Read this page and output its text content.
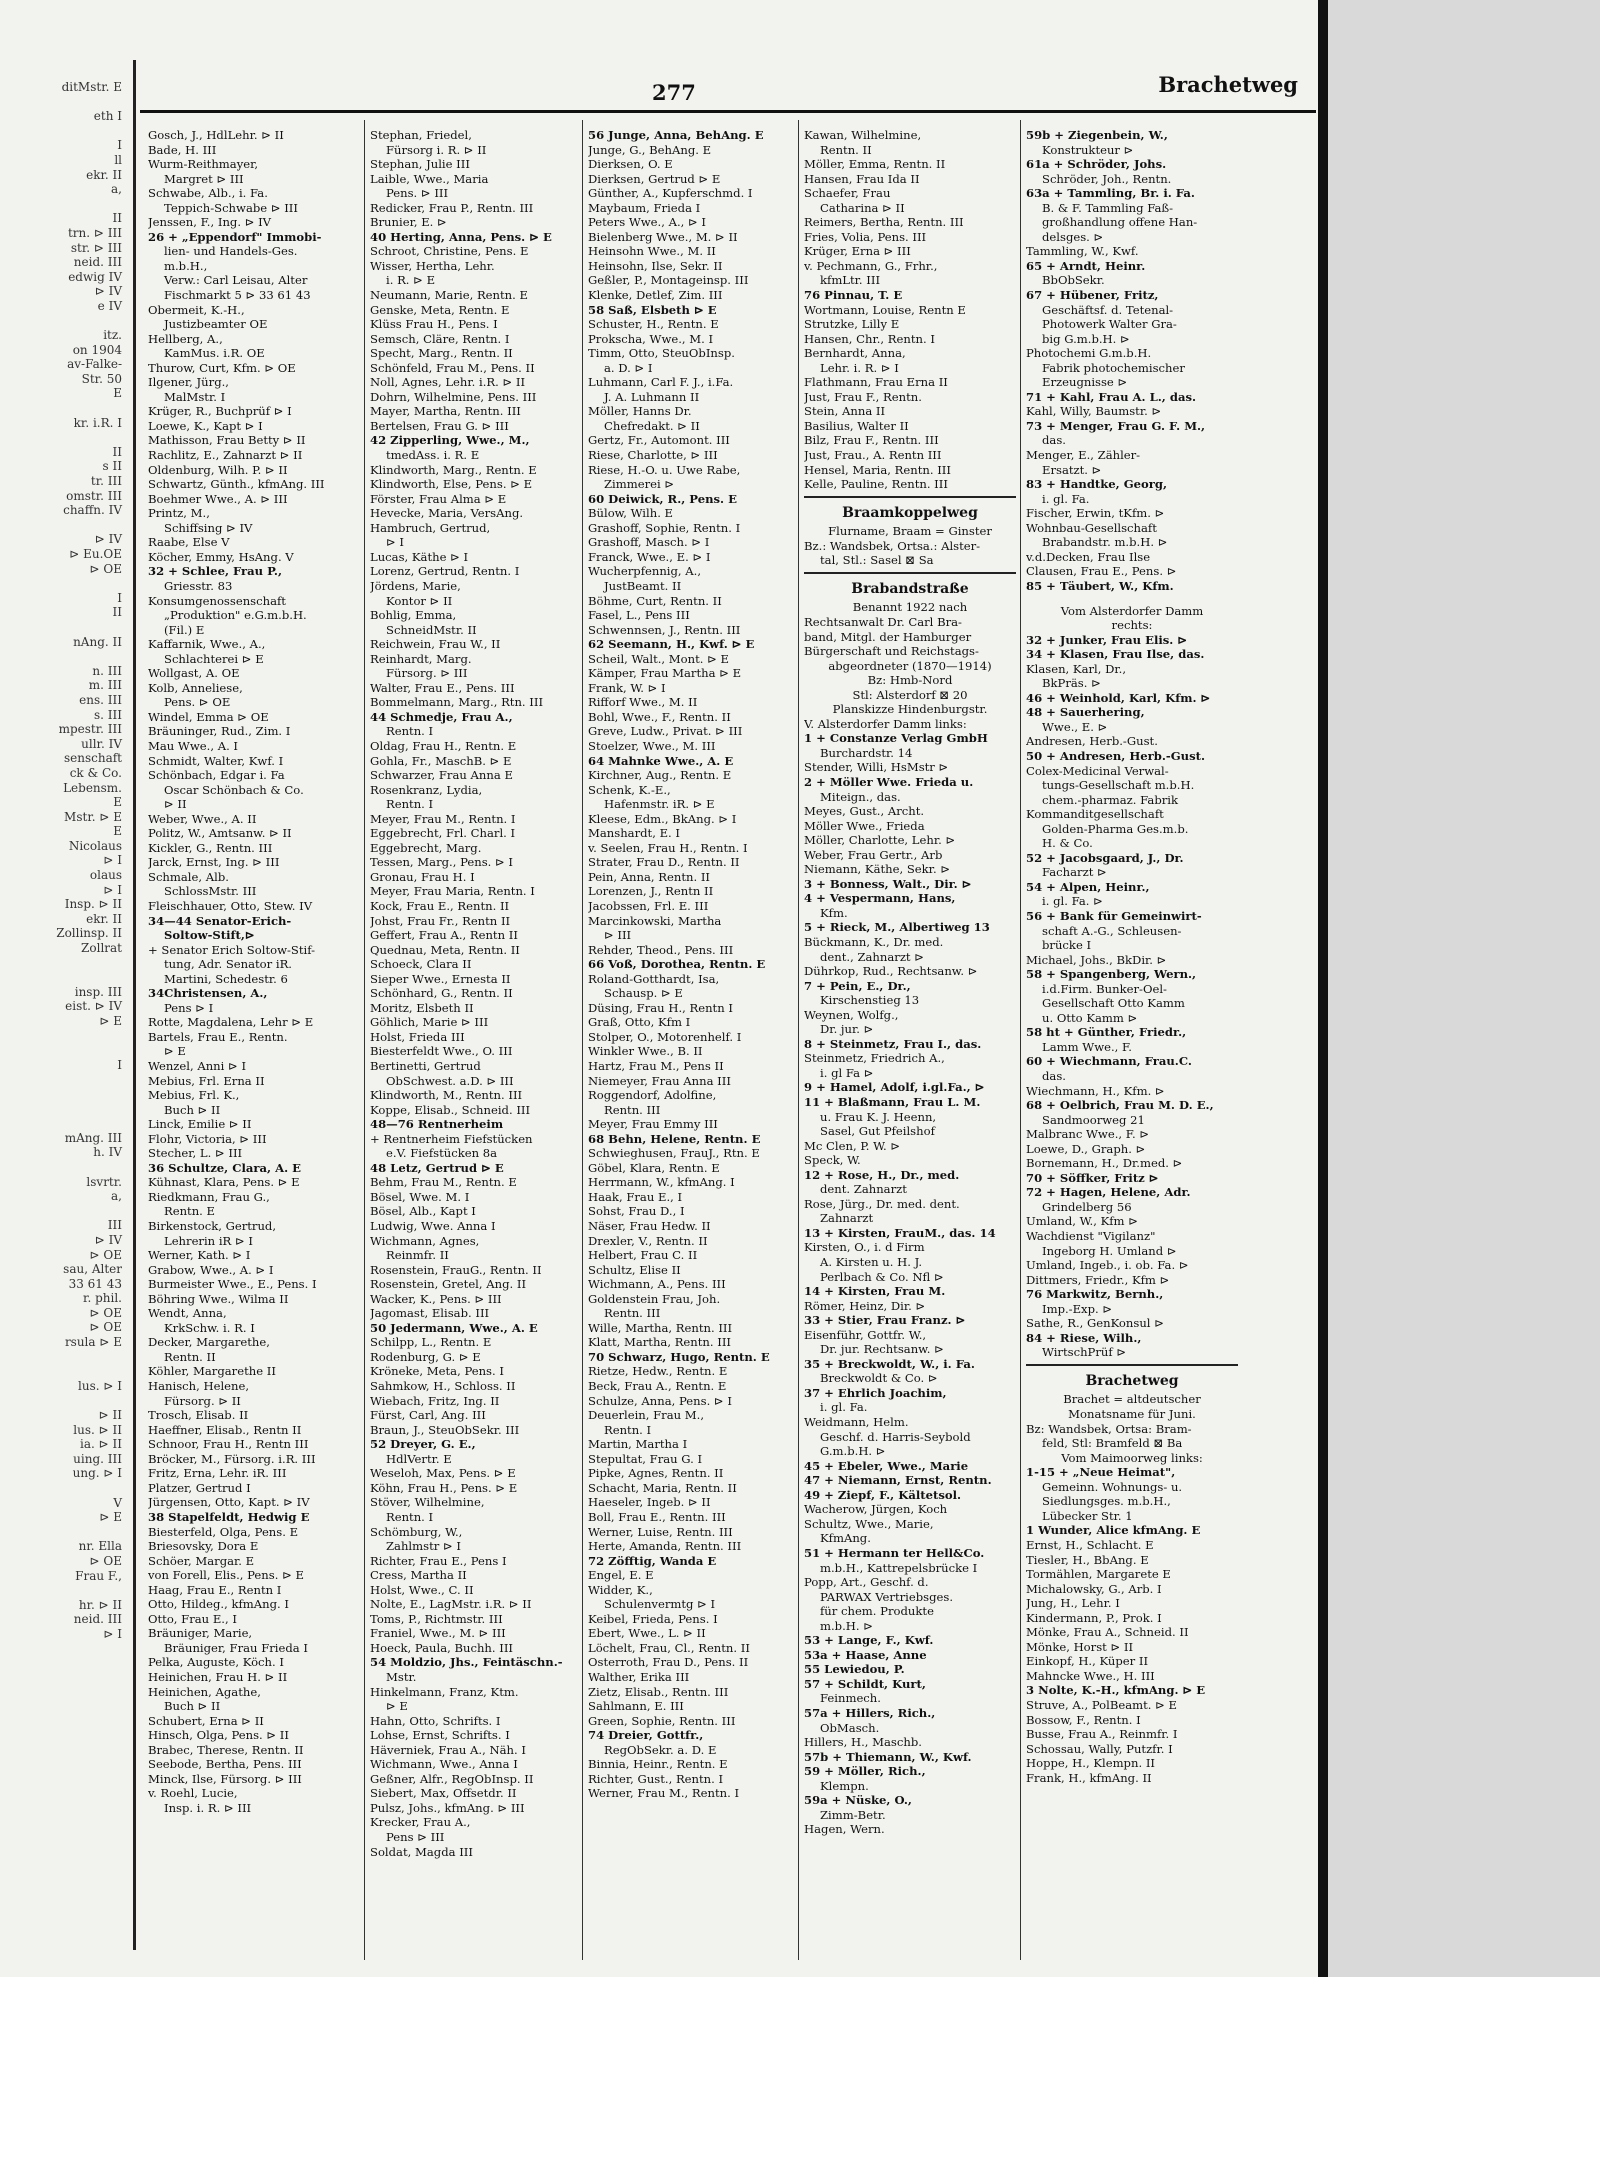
ditMstr. E

eth I

I
ll
ekr. II
a,

II
trn. ⊳ III
str. ⊳ III
neid. III
edwig IV
⊳ IV
e IV

itz.
on 1904
av-Falke-
Str. 50
E

kr. i.R. I

II
s II
tr. III
omstr. III
chaffn. IV

⊳ IV
⊳ Eu.OE
⊳ OE

I
II

nAng. II

n. III
m. III
ens. III
s. III
mpestr. III
ullr. IV
senschaft
ck & Co.
Lebensm.
E
Mstr. ⊳ E
E
Nicolaus
⊳ I
olaus
⊳ I
Insp. ⊳ II
ekr. II
Zollinsp. II
Zollrat

insp. III
eist. ⊳ IV
⊳ E

I

mAng. III
h. IV

lsvrtr.
a,

III
⊳ IV
⊳ OE
sau, Alter
33 61 43
r. phil.
⊳ OE
⊳ OE
rsula ⊳ E

lus. ⊳ I

⊳ II
lus. ⊳ II
ia. ⊳ II
uing. III
ung. ⊳ I

V
⊳ E

nr. Ella
⊳ OE
Frau F.,

hr. ⊳ II
neid. III
⊳ I
277	Brachetweg
Gosch, J., HdlLehr. ⊳ II
Bade, H. III
Wurm-Reithmayer,
Margret ⊳ III
Schwabe, Alb., i. Fa.
Teppich-Schwabe ⊳ III
Jenssen, F., Ing. ⊳ IV
26 + „Eppendorf" Immobi-
lien- und Handels-Ges.
m.b.H.,
Verw.: Carl Leisau, Alter
Fischmarkt 5 ⊳ 33 61 43
Obermeit, K.-H.,
Justizbeamter OE
Hellberg, A.,
KamMus. i.R. OE
Thurow, Curt, Kfm. ⊳ OE
Ilgener, Jürg.,
MalMstr. I
Krüger, R., Buchprüf ⊳ I
Loewe, K., Kapt ⊳ I
Mathisson, Frau Betty ⊳ II
Rachlitz, E., Zahnarzt ⊳ II
Oldenburg, Wilh. P. ⊳ II
Schwartz, Günth., kfmAng. III
Boehmer Wwe., A. ⊳ III
Printz, M.,
Schiffsing ⊳ IV
Raabe, Else V
Köcher, Emmy, HsAng. V
32 + Schlee, Frau P.,
Griesstr. 83
Konsumgenossenschaft
„Produktion" e.G.m.b.H.
(Fil.) E
Kaffarnik, Wwe., A.,
Schlachterei ⊳ E
Wollgast, A. OE
Kolb, Anneliese,
Pens. ⊳ OE
Windel, Emma ⊳ OE
Bräuninger, Rud., Zim. I
Mau Wwe., A. I
Schmidt, Walter, Kwf. I
Schönbach, Edgar i. Fa
Oscar Schönbach & Co.
⊳ II
Weber, Wwe., A. II
Politz, W., Amtsanw. ⊳ II
Kickler, G., Rentn. III
Jarck, Ernst, Ing. ⊳ III
Schmale, Alb.
SchlossMstr. III
Fleischhauer, Otto, Stew. IV
34—44 Senator-Erich-
Soltow-Stift,⊳
+ Senator Erich Soltow-Stif-
tung, Adr. Senator iR.
Martini, Schedestr. 6
34Christensen, A.,
Pens ⊳ I
Rotte, Magdalena, Lehr ⊳ E
Bartels, Frau E., Rentn.
⊳ E
Wenzel, Anni ⊳ I
Mebius, Frl. Erna II
Mebius, Frl. K.,
Buch ⊳ II
Linck, Emilie ⊳ II
Flohr, Victoria, ⊳ III
Stecher, L. ⊳ III
36 Schultze, Clara, A. E
Kühnast, Klara, Pens. ⊳ E
Riedkmann, Frau G.,
Rentn. E
Birkenstock, Gertrud,
Lehrerin iR ⊳ I
Werner, Kath. ⊳ I
Grabow, Wwe., A. ⊳ I
Burmeister Wwe., E., Pens. I
Böhring Wwe., Wilma II
Wendt, Anna,
KrkSchw. i. R. I
Decker, Margarethe,
Rentn. II
Köhler, Margarethe II
Hanisch, Helene,
Fürsorg. ⊳ II
Trosch, Elisab. II
Haeffner, Elisab., Rentn II
Schnoor, Frau H., Rentn III
Bröcker, M., Fürsorg. i.R. III
Fritz, Erna, Lehr. iR. III
Platzer, Gertrud I
Jürgensen, Otto, Kapt. ⊳ IV
38 Stapelfeldt, Hedwig E
Biesterfeld, Olga, Pens. E
Briesovsky, Dora E
Schöer, Margar. E
von Forell, Elis., Pens. ⊳ E
Haag, Frau E., Rentn I
Otto, Hildeg., kfmAng. I
Otto, Frau E., I
Bräuniger, Marie,
Bräuniger, Frau Frieda I
Pelka, Auguste, Köch. I
Heinichen, Frau H. ⊳ II
Heinichen, Agathe,
Buch ⊳ II
Schubert, Erna ⊳ II
Hinsch, Olga, Pens. ⊳ II
Brabec, Therese, Rentn. II
Seebode, Bertha, Pens. III
Minck, Ilse, Fürsorg. ⊳ III
v. Roehl, Lucie,
Insp. i. R. ⊳ III
Stephan, Friedel,
Fürsorg i. R. ⊳ II
Stephan, Julie III
Laible, Wwe., Maria
Pens. ⊳ III
Redicker, Frau P., Rentn. III
Brunier, E. ⊳
40 Herting, Anna, Pens. ⊳ E
Schroot, Christine, Pens. E
Wisser, Hertha, Lehr.
i. R. ⊳ E
Neumann, Marie, Rentn. E
Genske, Meta, Rentn. E
Klüss Frau H., Pens. I
Semsch, Cläre, Rentn. I
Specht, Marg., Rentn. II
Schönfeld, Frau M., Pens. II
Noll, Agnes, Lehr. i.R. ⊳ II
Dohrn, Wilhelmine, Pens. III
Mayer, Martha, Rentn. III
Bertelsen, Frau G. ⊳ III
42 Zipperling, Wwe., M.,
tmedAss. i. R. E
Klindworth, Marg., Rentn. E
Klindworth, Else, Pens. ⊳ E
Förster, Frau Alma ⊳ E
Hevecke, Maria, VersAng.
Hambruch, Gertrud,
⊳ I
Lucas, Käthe ⊳ I
Lorenz, Gertrud, Rentn. I
Jördens, Marie,
Kontor ⊳ II
Bohlig, Emma,
SchneidMstr. II
Reichwein, Frau W., II
Reinhardt, Marg.
Fürsorg. ⊳ III
Walter, Frau E., Pens. III
Bommelmann, Marg., Rtn. III
44 Schmedje, Frau A.,
Rentn. I
Oldag, Frau H., Rentn. E
Gohla, Fr., MaschB. ⊳ E
Schwarzer, Frau Anna E
Rosenkranz, Lydia,
Rentn. I
Meyer, Frau M., Rentn. I
Eggebrecht, Frl. Charl. I
Eggebrecht, Marg.
Tessen, Marg., Pens. ⊳ I
Gronau, Frau H. I
Meyer, Frau Maria, Rentn. I
Kock, Frau E., Rentn. II
Johst, Frau Fr., Rentn II
Geffert, Frau A., Rentn II
Quednau, Meta, Rentn. II
Schoeck, Clara II
Sieper Wwe., Ernesta II
Schönhard, G., Rentn. II
Moritz, Elsbeth II
Göhlich, Marie ⊳ III
Holst, Frieda III
Biesterfeldt Wwe., O. III
Bertinetti, Gertrud
ObSchwest. a.D. ⊳ III
Klindworth, M., Rentn. III
Koppe, Elisab., Schneid. III
48—76 Rentnerheim
+ Rentnerheim Fiefstücken
e.V. Fiefstücken 8a
48 Letz, Gertrud ⊳ E
Behm, Frau M., Rentn. E
Bösel, Wwe. M. I
Bösel, Alb., Kapt I
Ludwig, Wwe. Anna I
Wichmann, Agnes,
Reinmfr. II
Rosenstein, FrauG., Rentn. II
Rosenstein, Gretel, Ang. II
Wacker, K., Pens. ⊳ III
Jagomast, Elisab. III
50 Jedermann, Wwe., A. E
Schilpp, L., Rentn. E
Rodenburg, G. ⊳ E
Kröneke, Meta, Pens. I
Sahmkow, H., Schloss. II
Wiebach, Fritz, Ing. II
Fürst, Carl, Ang. III
Braun, J., SteuObSekr. III
52 Dreyer, G. E.,
HdlVertr. E
Weseloh, Max, Pens. ⊳ E
Köhn, Frau H., Pens. ⊳ E
Stöver, Wilhelmine,
Rentn. I
Schömburg, W.,
Zahlmstr ⊳ I
Richter, Frau E., Pens I
Cress, Martha II
Holst, Wwe., C. II
Nolte, E., LagMstr. i.R. ⊳ II
Toms, P., Richtmstr. III
Franiel, Wwe., M. ⊳ III
Hoeck, Paula, Buchh. III
54 Moldzio, Jhs., Feintäschn.-
Mstr.
Hinkelmann, Franz, Ktm.
⊳ E
Hahn, Otto, Schrifts. I
Lohse, Ernst, Schrifts. I
Häverniek, Frau A., Näh. I
Wichmann, Wwe., Anna I
Geßner, Alfr., RegObInsp. II
Siebert, Max, Offsetdr. II
Pulsz, Johs., kfmAng. ⊳ III
Krecker, Frau A.,
Pens ⊳ III
Soldat, Magda III
56 Junge, Anna, BehAng. E
Junge, G., BehAng. E
Dierksen, O. E
Dierksen, Gertrud ⊳ E
Günther, A., Kupferschmd. I
Maybaum, Frieda I
Peters Wwe., A., ⊳ I
Bielenberg Wwe., M. ⊳ II
Heinsohn Wwe., M. II
Heinsohn, Ilse, Sekr. II
Geßler, P., Montageinsp. III
Klenke, Detlef, Zim. III
58 Saß, Elsbeth ⊳ E
Schuster, H., Rentn. E
Prokscha, Wwe., M. I
Timm, Otto, SteuObInsp.
a. D. ⊳ I
Luhmann, Carl F. J., i.Fa.
J. A. Luhmann II
Möller, Hanns Dr.
Chefredakt. ⊳ II
Gertz, Fr., Automont. III
Riese, Charlotte, ⊳ III
Riese, H.-O. u. Uwe Rabe,
Zimmerei ⊳
60 Deiwick, R., Pens. E
Bülow, Wilh. E
Grashoff, Sophie, Rentn. I
Grashoff, Masch. ⊳ I
Franck, Wwe., E. ⊳ I
Wucherpfennig, A.,
JustBeamt. II
Böhme, Curt, Rentn. II
Fasel, L., Pens III
Schwennsen, J., Rentn. III
62 Seemann, H., Kwf. ⊳ E
Scheil, Walt., Mont. ⊳ E
Kämper, Frau Martha ⊳ E
Frank, W. ⊳ I
Rifforf Wwe., M. II
Bohl, Wwe., F., Rentn. II
Greve, Ludw., Privat. ⊳ III
Stoelzer, Wwe., M. III
64 Mahnke Wwe., A. E
Kirchner, Aug., Rentn. E
Schenk, K.-E.,
Hafenmstr. iR. ⊳ E
Kleese, Edm., BkAng. ⊳ I
Manshardt, E. I
v. Seelen, Frau H., Rentn. I
Strater, Frau D., Rentn. II
Pein, Anna, Rentn. II
Lorenzen, J., Rentn II
Jacobssen, Frl. E. III
Marcinkowski, Martha
⊳ III
Rehder, Theod., Pens. III
66 Voß, Dorothea, Rentn. E
Roland-Gotthardt, Isa,
Schausp. ⊳ E
Düsing, Frau H., Rentn I
Graß, Otto, Kfm I
Stolper, O., Motorenhelf. I
Winkler Wwe., B. II
Hartz, Frau M., Pens II
Niemeyer, Frau Anna III
Roggendorf, Adolfine,
Rentn. III
Meyer, Frau Emmy III
68 Behn, Helene, Rentn. E
Schwieghusen, FrauJ., Rtn. E
Göbel, Klara, Rentn. E
Herrmann, W., kfmAng. I
Haak, Frau E., I
Sohst, Frau D., I
Näser, Frau Hedw. II
Drexler, V., Rentn. II
Helbert, Frau C. II
Schultz, Elise II
Wichmann, A., Pens. III
Goldenstein Frau, Joh.
Rentn. III
Wille, Martha, Rentn. III
Klatt, Martha, Rentn. III
70 Schwarz, Hugo, Rentn. E
Rietze, Hedw., Rentn. E
Beck, Frau A., Rentn. E
Schulze, Anna, Pens. ⊳ I
Deuerlein, Frau M.,
Rentn. I
Martin, Martha I
Stepultat, Frau G. I
Pipke, Agnes, Rentn. II
Schacht, Maria, Rentn. II
Haeseler, Ingeb. ⊳ II
Boll, Frau E., Rentn. III
Werner, Luise, Rentn. III
Herte, Amanda, Rentn. III
72 Zöfftig, Wanda E
Engel, E. E
Widder, K.,
Schulenvermtg ⊳ I
Keibel, Frieda, Pens. I
Ebert, Wwe., L. ⊳ II
Löchelt, Frau, Cl., Rentn. II
Osterroth, Frau D., Pens. II
Walther, Erika III
Zietz, Elisab., Rentn. III
Sahlmann, E. III
Green, Sophie, Rentn. III
74 Dreier, Gottfr.,
RegObSekr. a. D. E
Binnia, Heinr., Rentn. E
Richter, Gust., Rentn. I
Werner, Frau M., Rentn. I
Kawan, Wilhelmine,
Rentn. II
Möller, Emma, Rentn. II
Hansen, Frau Ida II
Schaefer, Frau
Catharina ⊳ II
Reimers, Bertha, Rentn. III
Fries, Volia, Pens. III
Krüger, Erna ⊳ III
v. Pechmann, G., Frhr.,
kfmLtr. III
76 Pinnau, T. E
Wortmann, Louise, Rentn E
Strutzke, Lilly E
Hansen, Chr., Rentn. I
Bernhardt, Anna,
Lehr. i. R. ⊳ I
Flathmann, Frau Erna II
Just, Frau F., Rentn.
Stein, Anna II
Basilius, Walter II
Bilz, Frau F., Rentn. III
Just, Frau., A. Rentn III
Hensel, Maria, Rentn. III
Kelle, Pauline, Rentn. III
Braamkoppelweg
Flurname, Braam = Ginster
Bz.: Wandsbek, Ortsa.: Alster-
tal, Stl.: Sasel ⊠ Sa
Brabandstraße
Benannt 1922 nach
Rechtsanwalt Dr. Carl Bra-
band, Mitgl. der Hamburger
Bürgerschaft und Reichstags-
abgeordneter (1870—1914)
Bz: Hmb-Nord
Stl: Alsterdorf ⊠ 20
Planskizze Hindenburgstr.
V. Alsterdorfer Damm links:
1 + Constanze Verlag GmbH
Burchardstr. 14
Stender, Willi, HsMstr ⊳
2 + Möller Wwe. Frieda u.
Miteign., das.
Meyes, Gust., Archt.
Möller Wwe., Frieda
Möller, Charlotte, Lehr. ⊳
Weber, Frau Gertr., Arb
Niemann, Käthe, Sekr. ⊳
3 + Bonness, Walt., Dir. ⊳
4 + Vespermann, Hans,
Kfm.
5 + Rieck, M., Albertiweg 13
Bückmann, K., Dr. med.
dent., Zahnarzt ⊳
Dührkop, Rud., Rechtsanw. ⊳
7 + Pein, E., Dr.,
Kirschenstieg 13
Weynen, Wolfg.,
Dr. jur. ⊳
8 + Steinmetz, Frau I., das.
Steinmetz, Friedrich A.,
i. gl Fa ⊳
9 + Hamel, Adolf, i.gl.Fa., ⊳
11 + Blaßmann, Frau L. M.
u. Frau K. J. Heenn,
Sasel, Gut Pfeilshof
Mc Clen, P. W. ⊳
Speck, W.
12 + Rose, H., Dr., med.
dent. Zahnarzt
Rose, Jürg., Dr. med. dent.
Zahnarzt
13 + Kirsten, FrauM., das. 14
Kirsten, O., i. d Firm
A. Kirsten u. H. J.
Perlbach & Co. Nfl ⊳
14 + Kirsten, Frau M.
Römer, Heinz, Dir. ⊳
33 + Stier, Frau Franz. ⊳
Eisenführ, Gottfr. W.,
Dr. jur. Rechtsanw. ⊳
35 + Breckwoldt, W., i. Fa.
Breckwoldt & Co. ⊳
37 + Ehrlich Joachim,
i. gl. Fa.
Weidmann, Helm.
Geschf. d. Harris-Seybold
G.m.b.H. ⊳
45 + Ebeler, Wwe., Marie
47 + Niemann, Ernst, Rentn.
49 + Ziepf, F., Kältetsol.
Wacherow, Jürgen, Koch
Schultz, Wwe., Marie,
KfmAng.
51 + Hermann ter Hell&Co.
m.b.H., Kattrepelsbrücke I
Popp, Art., Geschf. d.
PARWAX Vertriebsges.
für chem. Produkte
m.b.H. ⊳
53 + Lange, F., Kwf.
53a + Haase, Anne
55 Lewiedou, P.
57 + Schildt, Kurt,
Feinmech.
57a + Hillers, Rich.,
ObMasch.
Hillers, H., Maschb.
57b + Thiemann, W., Kwf.
59 + Möller, Rich.,
Klempn.
59a + Nüske, O.,
Zimm-Betr.
Hagen, Wern.
59b + Ziegenbein, W.,
Konstrukteur ⊳
61a + Schröder, Johs.
Schröder, Joh., Rentn.
63a + Tammling, Br. i. Fa.
B. & F. Tammling Faß-
großhandlung offene Han-
delsges. ⊳
Tammling, W., Kwf.
65 + Arndt, Heinr.
BbObSekr.
67 + Hübener, Fritz,
Geschäftsf. d. Tetenal-
Photowerk Walter Gra-
big G.m.b.H. ⊳
Photochemi G.m.b.H.
Fabrik photochemischer
Erzeugnisse ⊳
71 + Kahl, Frau A. L., das.
Kahl, Willy, Baumstr. ⊳
73 + Menger, Frau G. F. M.,
das.
Menger, E., Zähler-
Ersatzt. ⊳
83 + Handtke, Georg,
i. gl. Fa.
Fischer, Erwin, tKfm. ⊳
Wohnbau-Gesellschaft
Brabandstr. m.b.H. ⊳
v.d.Decken, Frau Ilse
Clausen, Frau E., Pens. ⊳
85 + Täubert, W., Kfm.
Vom Alsterdorfer Damm
rechts:
32 + Junker, Frau Elis. ⊳
34 + Klasen, Frau Ilse, das.
Klasen, Karl, Dr.,
BkPräs. ⊳
46 + Weinhold, Karl, Kfm. ⊳
48 + Sauerhering,
Wwe., E. ⊳
Andresen, Herb.-Gust.
50 + Andresen, Herb.-Gust.
Colex-Medicinal Verwal-
tungs-Gesellschaft m.b.H.
chem.-pharmaz. Fabrik
Kommanditgesellschaft
Golden-Pharma Ges.m.b.
H. & Co.
52 + Jacobsgaard, J., Dr.
Facharzt ⊳
54 + Alpen, Heinr.,
i. gl. Fa. ⊳
56 + Bank für Gemeinwirt-
schaft A.-G., Schleusen-
brücke I
Michael, Johs., BkDir. ⊳
58 + Spangenberg, Wern.,
i.d.Firm. Bunker-Oel-
Gesellschaft Otto Kamm
u. Otto Kamm ⊳
58 ht + Günther, Friedr.,
Lamm Wwe., F.
60 + Wiechmann, Frau.C.
das.
Wiechmann, H., Kfm. ⊳
68 + Oelbrich, Frau M. D. E.,
Sandmoorweg 21
Malbranc Wwe., F. ⊳
Loewe, D., Graph. ⊳
Bornemann, H., Dr.med. ⊳
70 + Söffker, Fritz ⊳
72 + Hagen, Helene, Adr.
Grindelberg 56
Umland, W., Kfm ⊳
Wachdienst "Vigilanz"
Ingeborg H. Umland ⊳
Umland, Ingeb., i. ob. Fa. ⊳
Dittmers, Friedr., Kfm ⊳
76 Markwitz, Bernh.,
Imp.-Exp. ⊳
Sathe, R., GenKonsul ⊳
84 + Riese, Wilh.,
WirtschPrüf ⊳
Brachetweg
Brachet = altdeutscher
Monatsname für Juni.
Bz: Wandsbek, Ortsa: Bram-
feld, Stl: Bramfeld ⊠ Ba
Vom Maimoorweg links:
1-15 + „Neue Heimat",
Gemeinn. Wohnungs- u.
Siedlungsges. m.b.H.,
Lübecker Str. 1
1 Wunder, Alice kfmAng. E
Ernst, H., Schlacht. E
Tiesler, H., BbAng. E
Tormählen, Margarete E
Michalowsky, G., Arb. I
Jung, H., Lehr. I
Kindermann, P., Prok. I
Mönke, Frau A., Schneid. II
Mönke, Horst ⊳ II
Einkopf, H., Küper II
Mahncke Wwe., H. III
3 Nolte, K.-H., kfmAng. ⊳ E
Struve, A., PolBeamt. ⊳ E
Bossow, F., Rentn. I
Busse, Frau A., Reinmfr. I
Schossau, Wally, Putzfr. I
Hoppe, H., Klempn. II
Frank, H., kfmAng. II
